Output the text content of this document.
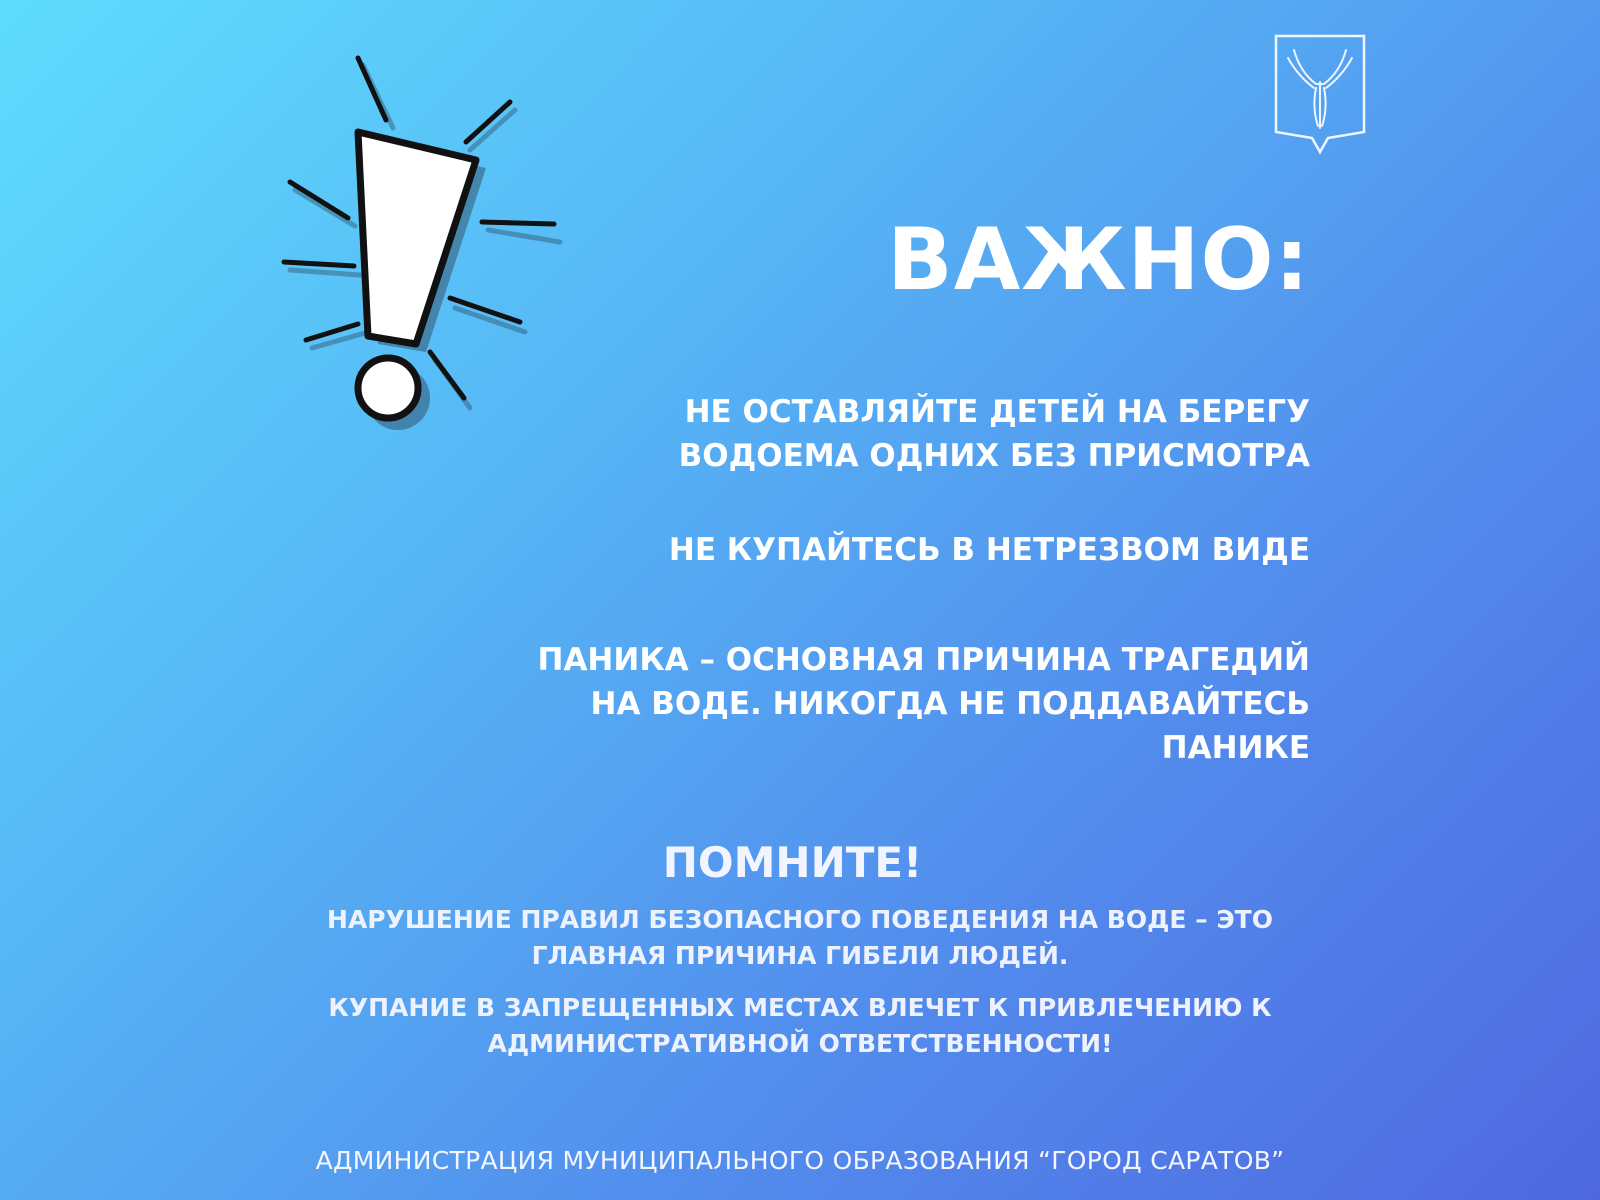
ВАЖНО:
НЕ ОСТАВЛЯЙТЕ ДЕТЕЙ НА БЕРЕГУ
ВОДОЕМА ОДНИХ БЕЗ ПРИСМОТРА
НЕ КУПАЙТЕСЬ В НЕТРЕЗВОМ ВИДЕ
ПАНИКА – ОСНОВНАЯ ПРИЧИНА ТРАГЕДИЙ
НА ВОДЕ. НИКОГДА НЕ ПОДДАВАЙТЕСЬ
ПАНИКЕ
ПОМНИТЕ!
НАРУШЕНИЕ ПРАВИЛ БЕЗОПАСНОГО ПОВЕДЕНИЯ НА ВОДЕ – ЭТО
ГЛАВНАЯ ПРИЧИНА ГИБЕЛИ ЛЮДЕЙ.
КУПАНИЕ В ЗАПРЕЩЕННЫХ МЕСТАХ ВЛЕЧЕТ К ПРИВЛЕЧЕНИЮ К
АДМИНИСТРАТИВНОЙ ОТВЕТСТВЕННОСТИ!
АДМИНИСТРАЦИЯ МУНИЦИПАЛЬНОГО ОБРАЗОВАНИЯ “ГОРОД САРАТОВ”
